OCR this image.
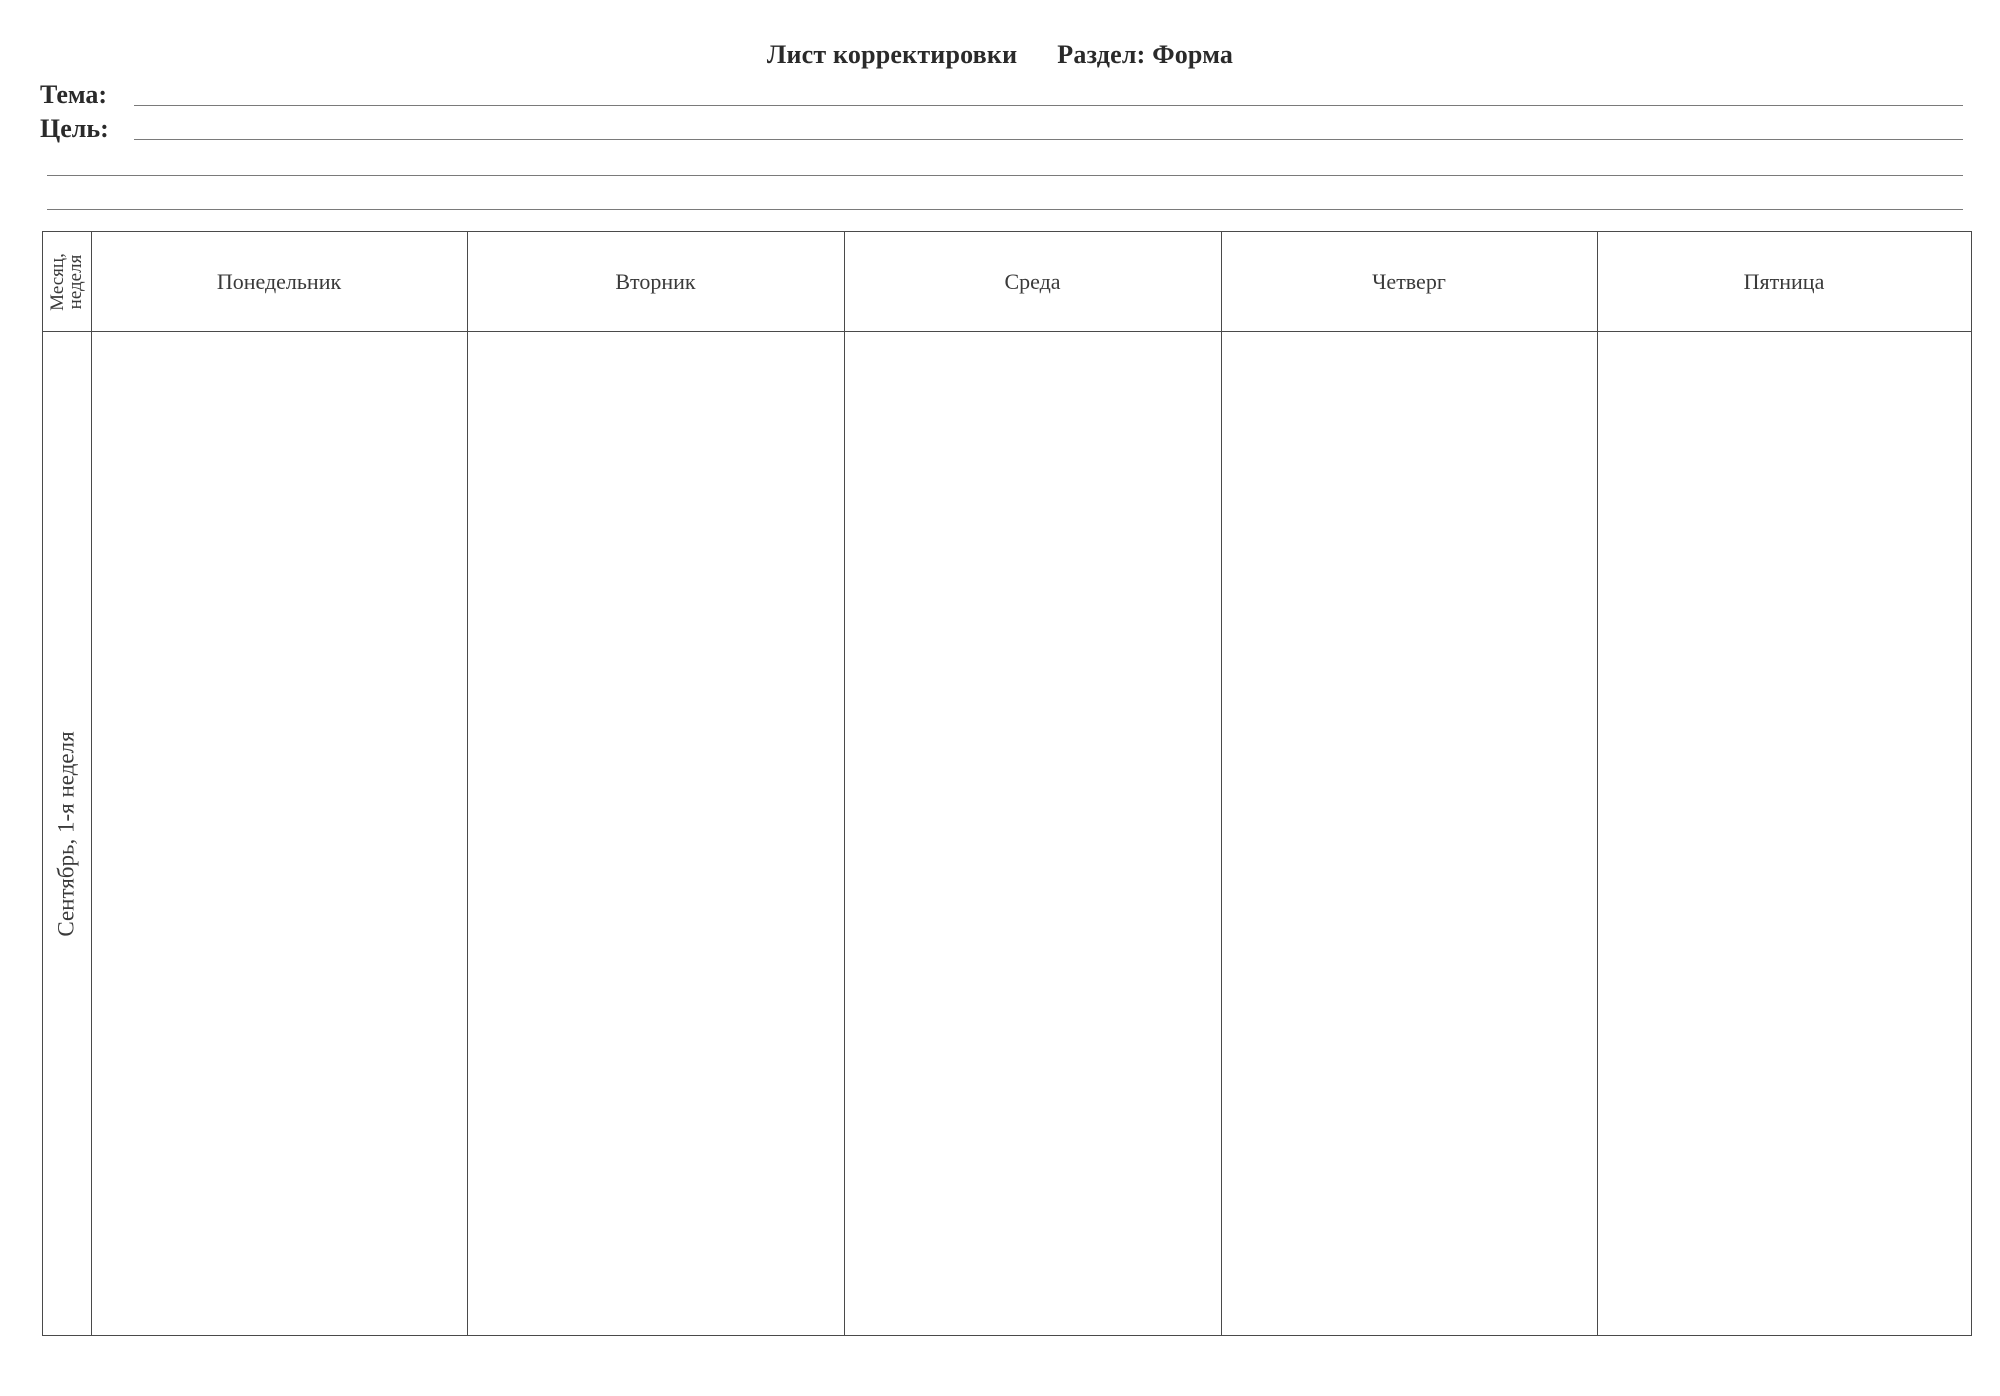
Лист корректировки Раздел: Форма
Тема:
Цель:
Месяц,
неделя	Понедельник	Вторник	Среда	Четверг	Пятница
Сентябрь, 1-я неделя
